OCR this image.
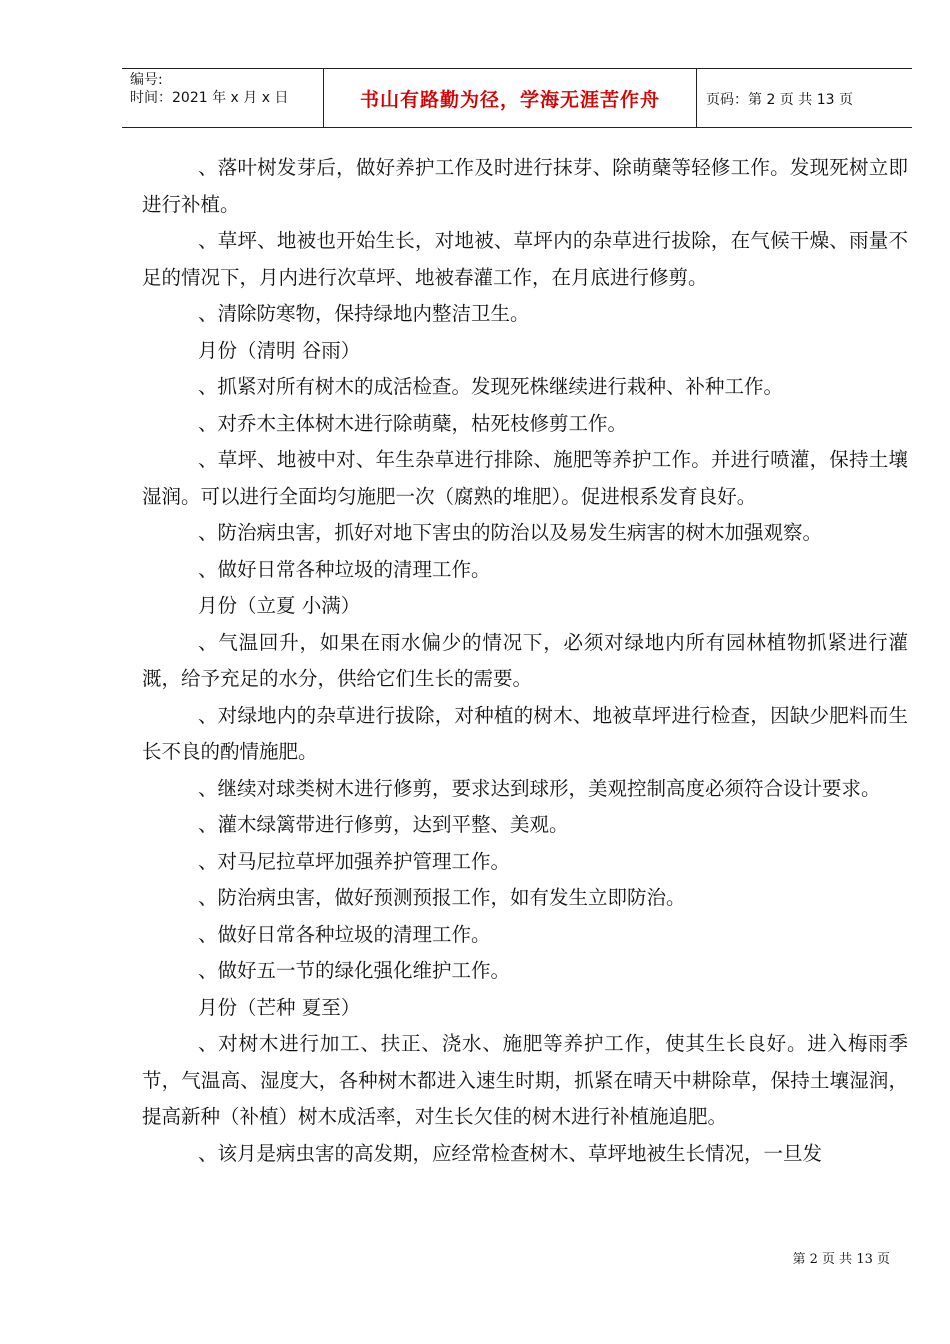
编号:
时间：2021 年 x 月 x 日	书山有路勤为径，学海无涯苦作舟	页码：第 2 页 共 13 页

、落叶树发芽后，做好养护工作及时进行抹芽、除萌蘖等轻修工作。发现死树立即进行补植。

、草坪、地被也开始生长，对地被、草坪内的杂草进行拔除，在气候干燥、雨量不足的情况下，月内进行次草坪、地被春灌工作，在月底进行修剪。

、清除防寒物，保持绿地内整洁卫生。

月份（清明 谷雨）

、抓紧对所有树木的成活检查。发现死株继续进行栽种、补种工作。

、对乔木主体树木进行除萌蘖，枯死枝修剪工作。

、草坪、地被中对、年生杂草进行排除、施肥等养护工作。并进行喷灌，保持土壤湿润。可以进行全面均匀施肥一次（腐熟的堆肥）。促进根系发育良好。

、防治病虫害，抓好对地下害虫的防治以及易发生病害的树木加强观察。

、做好日常各种垃圾的清理工作。

月份（立夏 小满）

、气温回升，如果在雨水偏少的情况下，必须对绿地内所有园林植物抓紧进行灌溉，给予充足的水分，供给它们生长的需要。

、对绿地内的杂草进行拔除，对种植的树木、地被草坪进行检查，因缺少肥料而生长不良的酌情施肥。

、继续对球类树木进行修剪，要求达到球形，美观控制高度必须符合设计要求。

、灌木绿篱带进行修剪，达到平整、美观。

、对马尼拉草坪加强养护管理工作。

、防治病虫害，做好预测预报工作，如有发生立即防治。

、做好日常各种垃圾的清理工作。

、做好五一节的绿化强化维护工作。

月份（芒种 夏至）

、对树木进行加工、扶正、浇水、施肥等养护工作，使其生长良好。进入梅雨季节，气温高、湿度大，各种树木都进入速生时期，抓紧在晴天中耕除草，保持土壤湿润，提高新种（补植）树木成活率，对生长欠佳的树木进行补植施追肥。

、该月是病虫害的高发期，应经常检查树木、草坪地被生长情况，一旦发

第 2 页 共 13 页
